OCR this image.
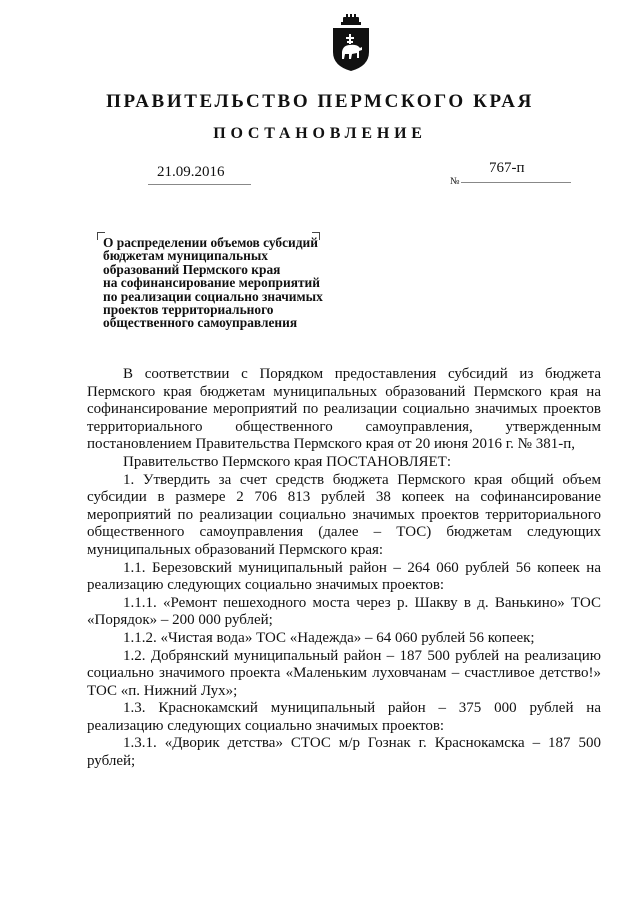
ПРАВИТЕЛЬСТВО ПЕРМСКОГО КРАЯ
ПОСТАНОВЛЕНИЕ
21.09.2016
№
767-п
О распределении объемов субсидий
бюджетам муниципальных
образований Пермского края
на софинансирование мероприятий
по реализации социально значимых
проектов территориального
общественного самоуправления

В соответствии с Порядком предоставления субсидий из бюджета Пермского края бюджетам муниципальных образований Пермского края на софинансирование мероприятий по реализации социально значимых проектов территориального общественного самоуправления, утвержденным постановлением Правительства Пермского края от 20 июня 2016 г. № 381-п,

Правительство Пермского края ПОСТАНОВЛЯЕТ:

1. Утвердить за счет средств бюджета Пермского края общий объем субсидии в размере 2 706 813 рублей 38 копеек на софинансирование мероприятий по реализации социально значимых проектов территориального общественного самоуправления (далее – ТОС) бюджетам следующих муниципальных образований Пермского края:

1.1. Березовский муниципальный район – 264 060 рублей 56 копеек на реализацию следующих социально значимых проектов:

1.1.1. «Ремонт пешеходного моста через р. Шакву в д. Ванькино» ТОС «Порядок» – 200 000 рублей;

1.1.2. «Чистая вода» ТОС «Надежда» – 64 060 рублей 56 копеек;

1.2. Добрянский муниципальный район – 187 500 рублей на реализацию социально значимого проекта «Маленьким луховчанам – счастливое детство!» ТОС «п. Нижний Лух»;

1.3. Краснокамский муниципальный район – 375 000 рублей на реализацию следующих социально значимых проектов:

1.3.1. «Дворик детства» СТОС м/р Гознак г. Краснокамска – 187 500 рублей;
